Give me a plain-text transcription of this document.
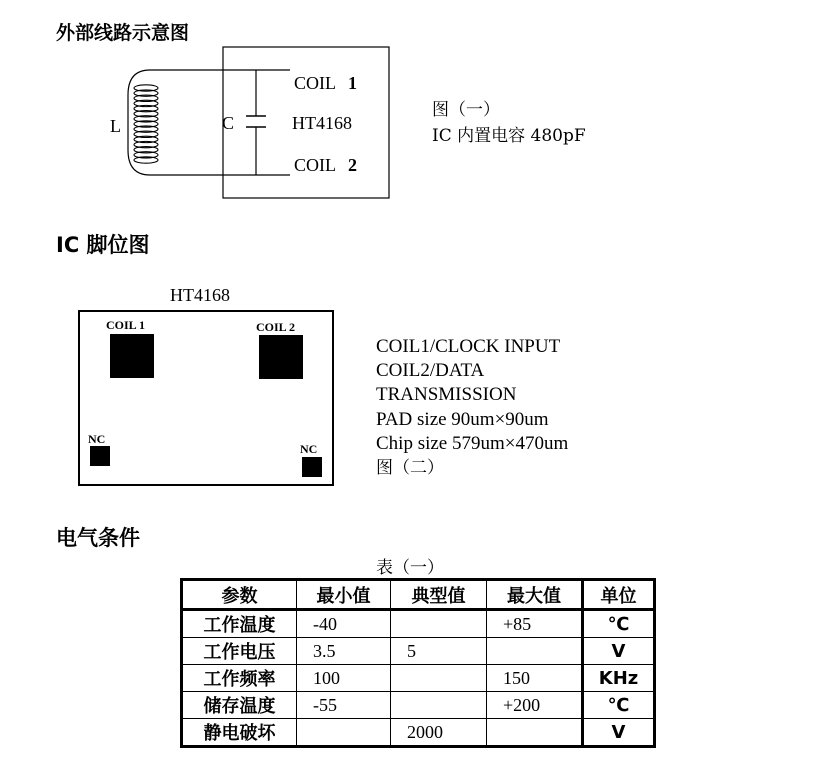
外部线路示意图
IC 脚位图
电气条件
L	C
COIL 1
HT4168
COIL 2
图（一）
IC 内置电容 480pF
HT4168
COIL 1	COIL 2
NC
NC
COIL1/CLOCK INPUT
COIL2/DATA
TRANSMISSION
PAD size 90um×90um
Chip size 579um×470um
图（二）
表（一）
参数	最小值	典型值	最大值	单位
工作温度	-40		+85	℃
工作电压	3.5	5		V
工作频率	100		150	KHz
储存温度	-55		+200	℃
静电破坏		2000		V
